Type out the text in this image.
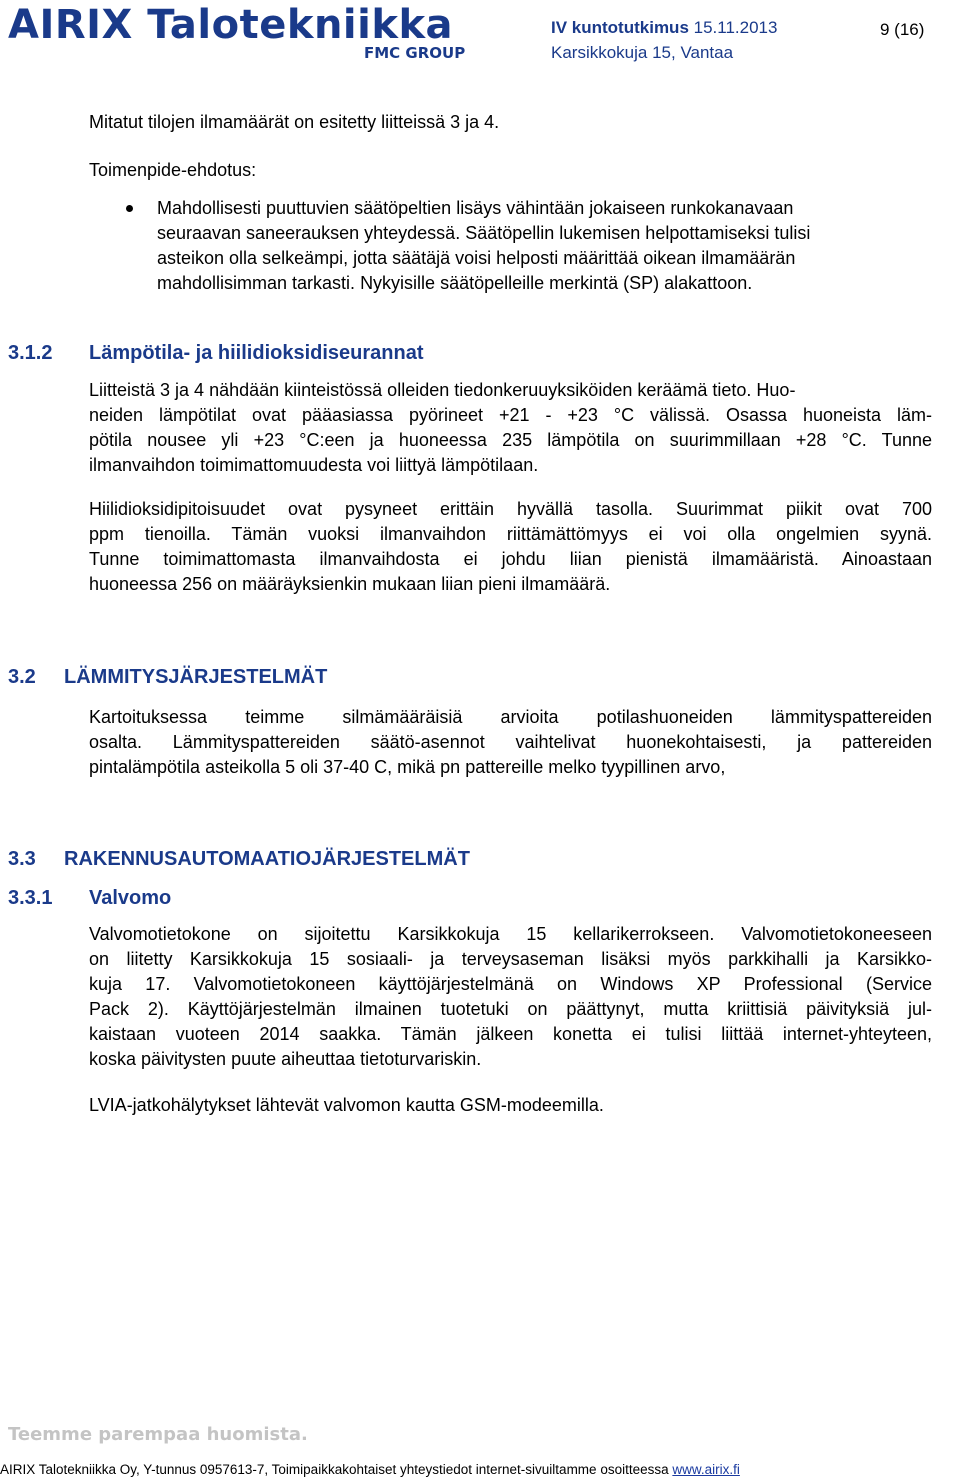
AIRIX Talotekniikka
FMC GROUP
IV kuntotutkimus 15.11.2013
Karsikkokuja 15, Vantaa
9 (16)
Mitatut tilojen ilmamäärät on esitetty liitteissä 3 ja 4.
Toimenpide-ehdotus:
Mahdollisesti puuttuvien säätöpeltien lisäys vähintään jokaiseen runkokanavaan
seuraavan saneerauksen yhteydessä. Säätöpellin lukemisen helpottamiseksi tulisi
asteikon olla selkeämpi, jotta säätäjä voisi helposti määrittää oikean ilmamäärän
mahdollisimman tarkasti. Nykyisille säätöpelleille merkintä (SP) alakattoon.
3.1.2 Lämpötila- ja hiilidioksidiseurannat
Liitteistä 3 ja 4 nähdään kiinteistössä olleiden tiedonkeruuyksiköiden keräämä tieto. Huo-
neiden lämpötilat ovat pääasiassa pyörineet +21 - +23 °C välissä. Osassa huoneista läm-
pötila nousee yli +23 °C:een ja huoneessa 235 lämpötila on suurimmillaan +28 °C. Tunne
ilmanvaihdon toimimattomuudesta voi liittyä lämpötilaan.
Hiilidioksidipitoisuudet ovat pysyneet erittäin hyvällä tasolla. Suurimmat piikit ovat 700
ppm tienoilla. Tämän vuoksi ilmanvaihdon riittämättömyys ei voi olla ongelmien syynä.
Tunne toimimattomasta ilmanvaihdosta ei johdu liian pienistä ilmamääristä. Ainoastaan
huoneessa 256 on määräyksienkin mukaan liian pieni ilmamäärä.
3.2 LÄMMITYSJÄRJESTELMÄT
Kartoituksessa teimme silmämääräisiä arvioita potilashuoneiden lämmityspattereiden
osalta. Lämmityspattereiden säätö-asennot vaihtelivat huonekohtaisesti, ja pattereiden
pintalämpötila asteikolla 5 oli 37-40 C, mikä pn pattereille melko tyypillinen arvo,
3.3 RAKENNUSAUTOMAATIOJÄRJESTELMÄT
3.3.1 Valvomo
Valvomotietokone on sijoitettu Karsikkokuja 15 kellarikerrokseen. Valvomotietokoneeseen
on liitetty Karsikkokuja 15 sosiaali- ja terveysaseman lisäksi myös parkkihalli ja Karsikko-
kuja 17. Valvomotietokoneen käyttöjärjestelmänä on Windows XP Professional (Service
Pack 2). Käyttöjärjestelmän ilmainen tuotetuki on päättynyt, mutta kriittisiä päivityksiä jul-
kaistaan vuoteen 2014 saakka. Tämän jälkeen konetta ei tulisi liittää internet-yhteyteen,
koska päivitysten puute aiheuttaa tietoturvariskin.
LVIA-jatkohälytykset lähtevät valvomon kautta GSM-modeemilla.
Teemme parempaa huomista.
AIRIX Talotekniikka Oy, Y-tunnus 0957613-7, Toimipaikkakohtaiset yhteystiedot internet-sivuiltamme osoitteessa www.airix.fi
